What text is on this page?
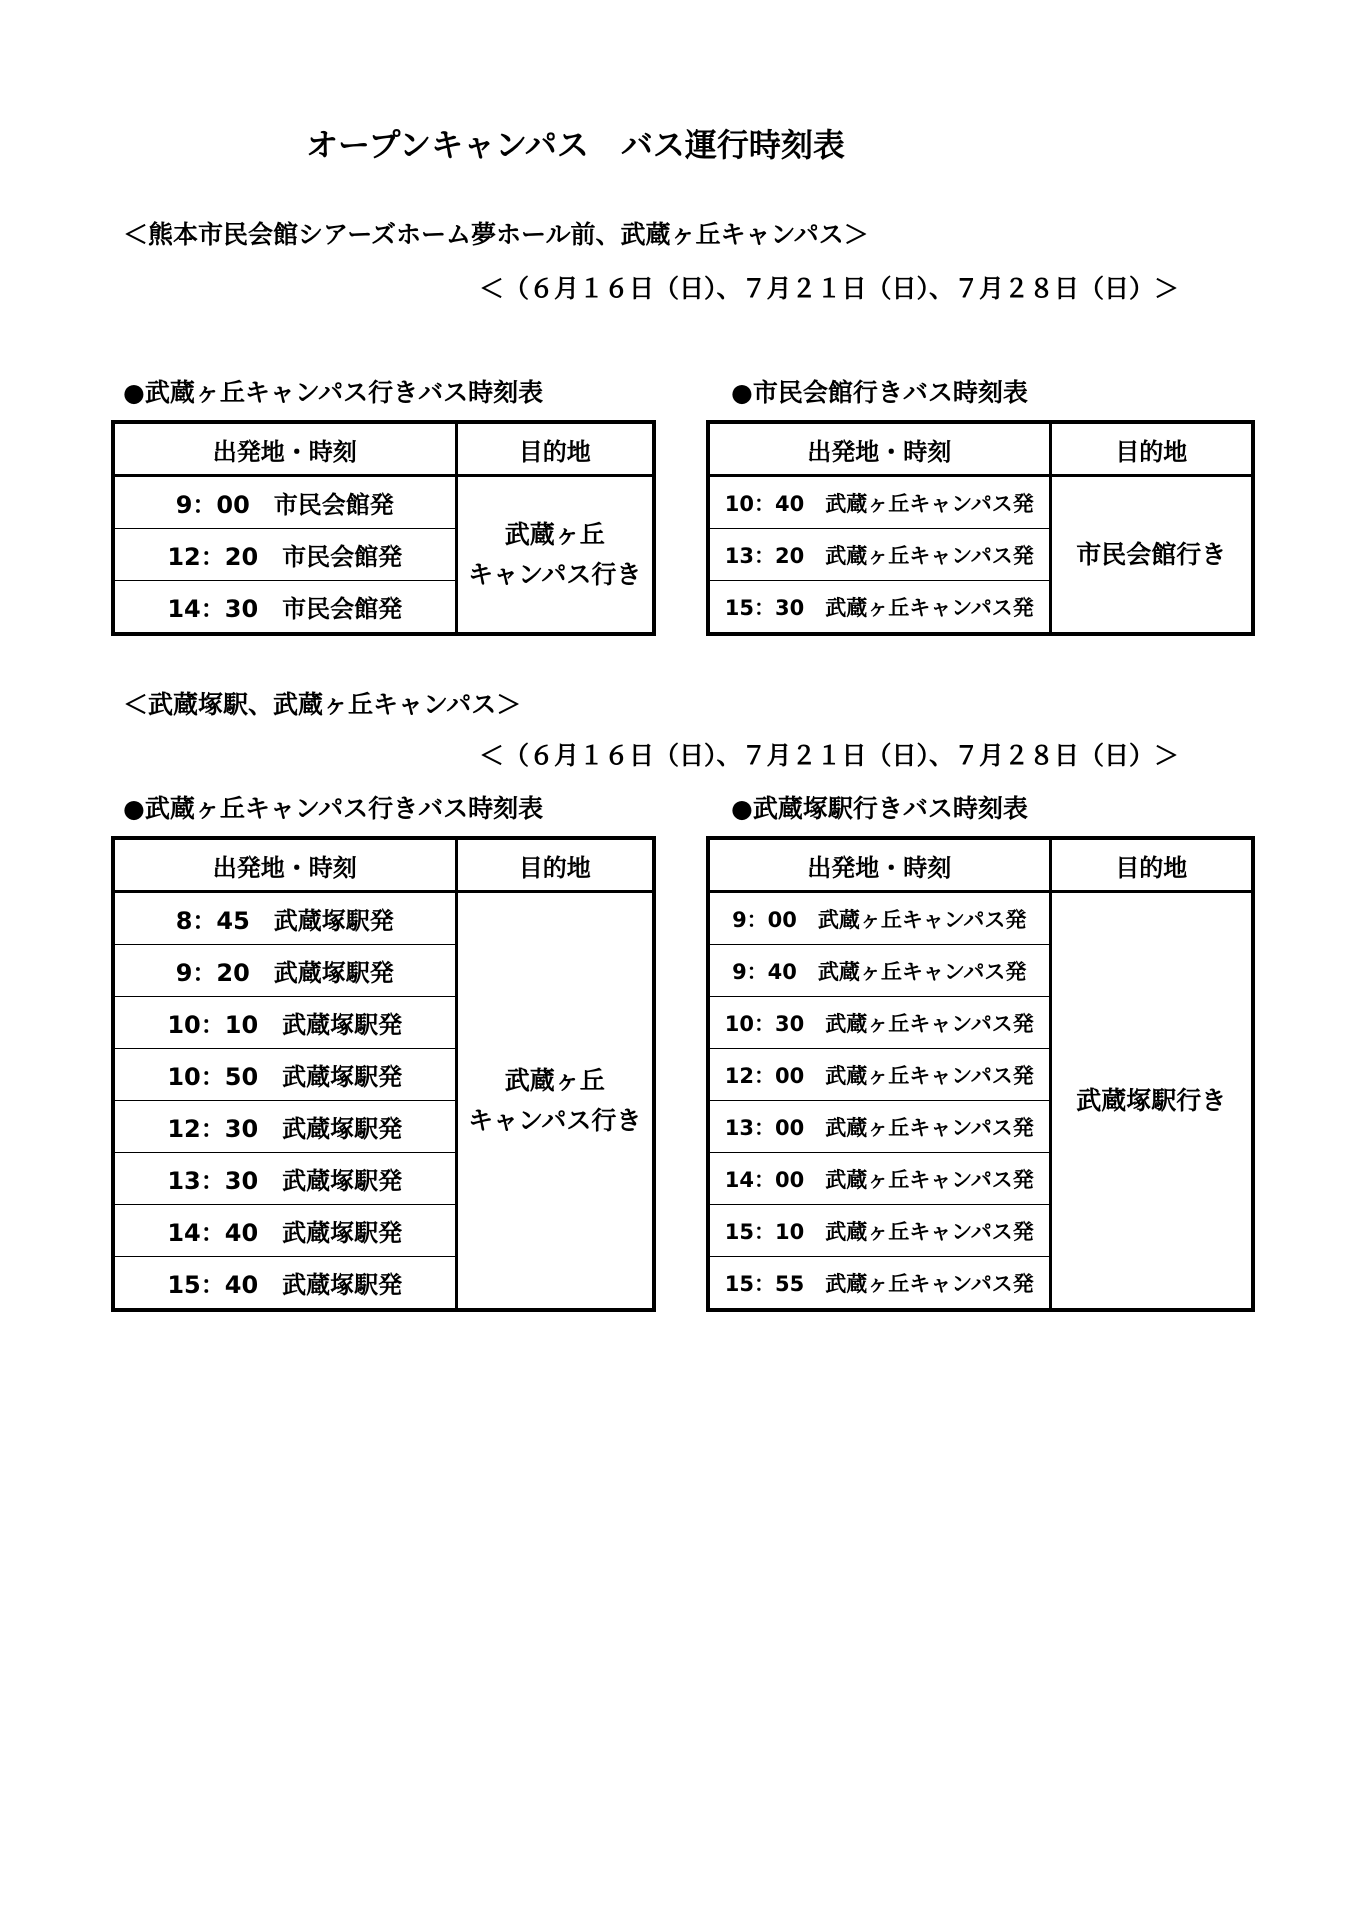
オープンキャンパス　バス運行時刻表
＜熊本市民会館シアーズホーム夢ホール前、武蔵ヶ丘キャンパス＞
＜（６月１６日（日）、７月２１日（日）、７月２８日（日）＞
●武蔵ヶ丘キャンパス行きバス時刻表	●市民会館行きバス時刻表
出発地・時刻	目的地
9：00　市民会館発	武蔵ヶ丘
キャンパス行き

12：20　市民会館発	
14：30　市民会館発	
出発地・時刻	目的地
10：40　武蔵ヶ丘キャンパス発	市民会館行き

13：20　武蔵ヶ丘キャンパス発	
15：30　武蔵ヶ丘キャンパス発	
＜武蔵塚駅、武蔵ヶ丘キャンパス＞
＜（６月１６日（日）、７月２１日（日）、７月２８日（日）＞
●武蔵ヶ丘キャンパス行きバス時刻表	●武蔵塚駅行きバス時刻表
出発地・時刻	目的地
8：45　武蔵塚駅発	武蔵ヶ丘
キャンパス行き

9：20　武蔵塚駅発	
10：10　武蔵塚駅発	
10：50　武蔵塚駅発	
12：30　武蔵塚駅発	
13：30　武蔵塚駅発	
14：40　武蔵塚駅発	
15：40　武蔵塚駅発	
出発地・時刻	目的地
9：00　武蔵ヶ丘キャンパス発	武蔵塚駅行き

9：40　武蔵ヶ丘キャンパス発	
10：30　武蔵ヶ丘キャンパス発	
12：00　武蔵ヶ丘キャンパス発	
13：00　武蔵ヶ丘キャンパス発	
14：00　武蔵ヶ丘キャンパス発	
15：10　武蔵ヶ丘キャンパス発	
15：55　武蔵ヶ丘キャンパス発	
